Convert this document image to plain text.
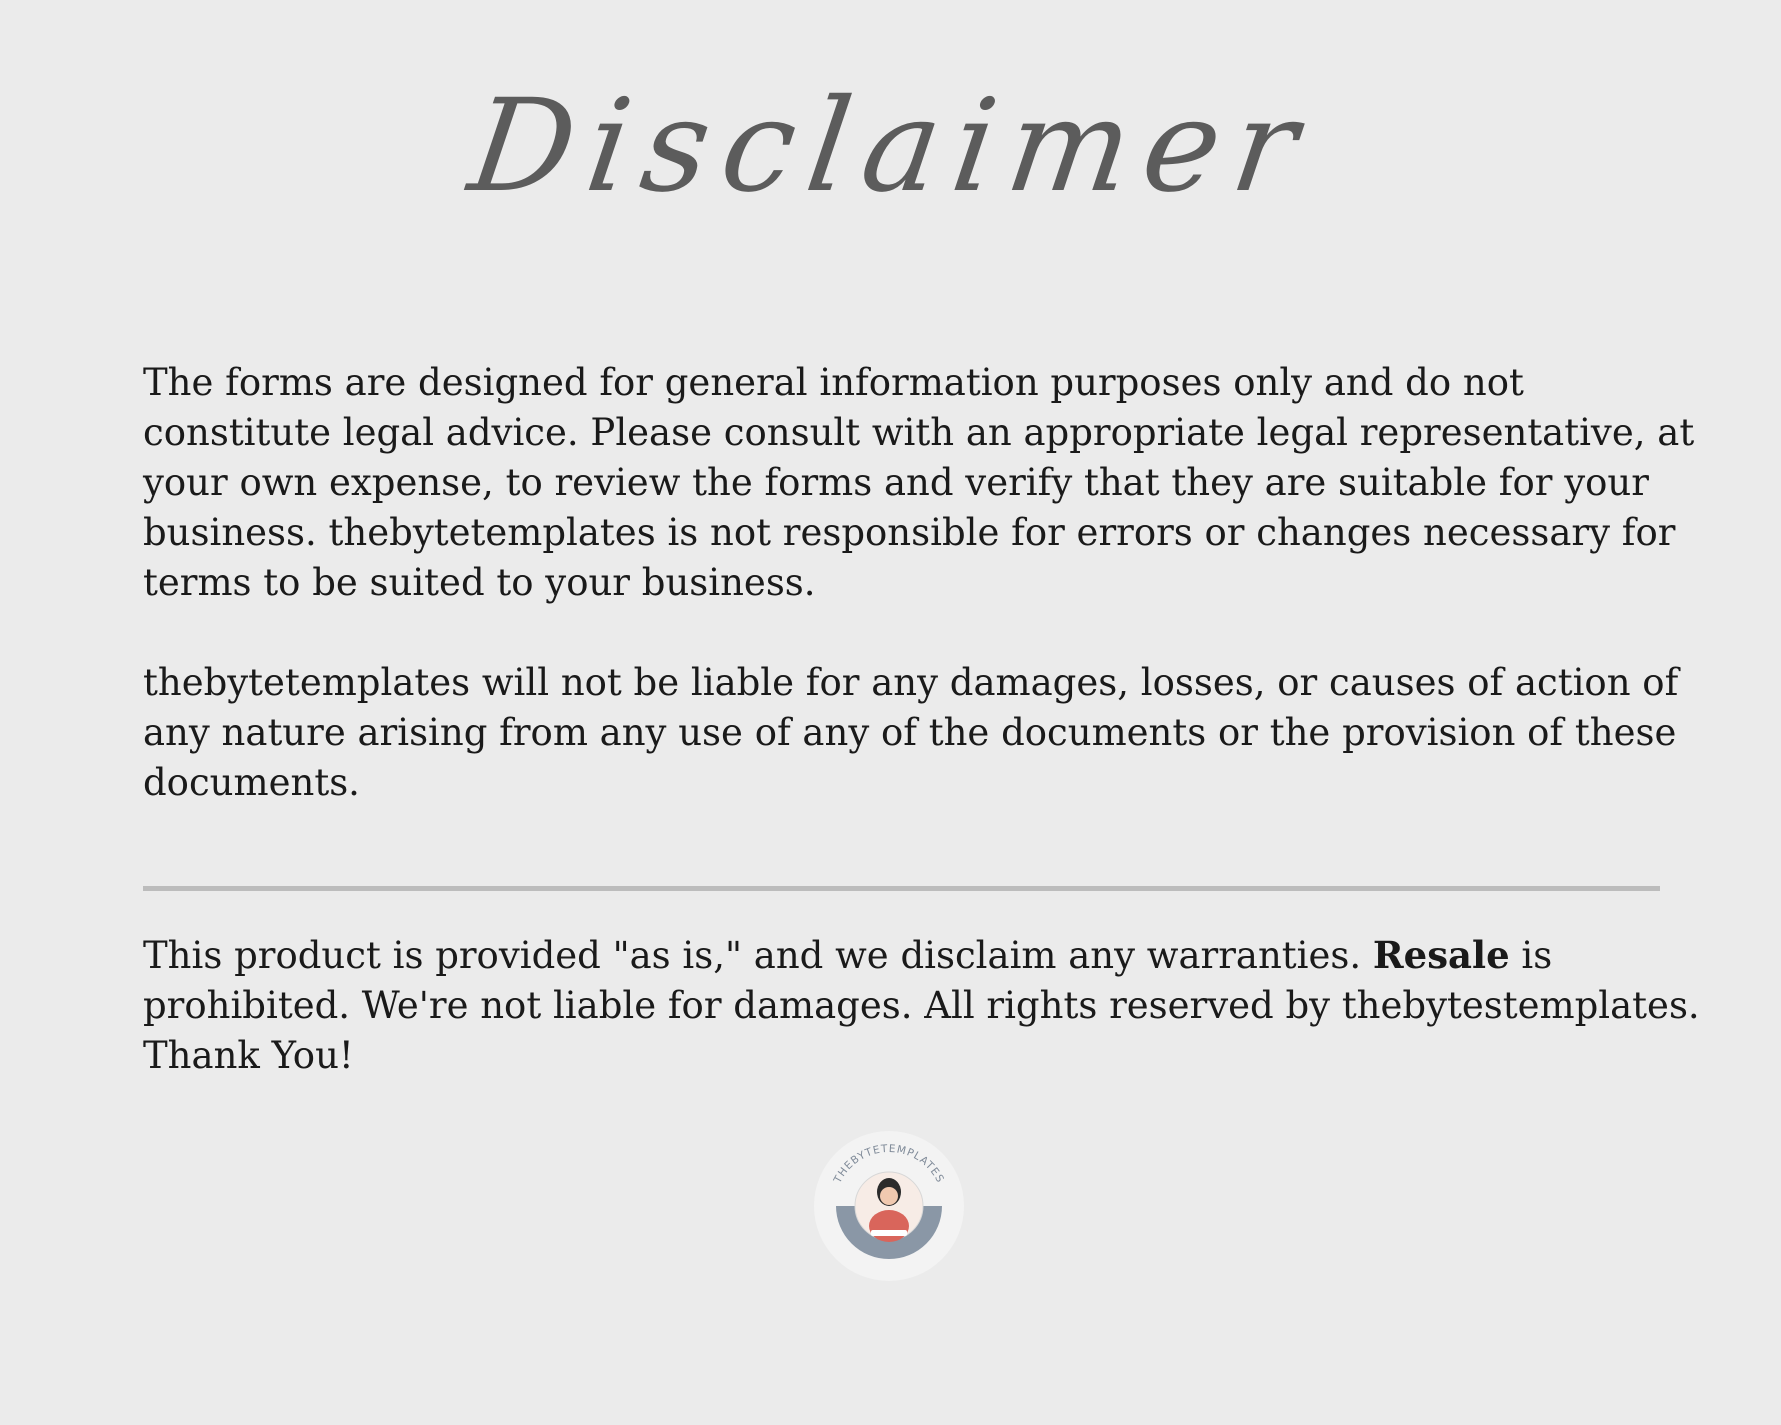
Disclaimer

The forms are designed for general information purposes only and do not constitute legal advice. Please consult with an appropriate legal representative, at your own expense, to review the forms and verify that they are suitable for your business. thebytetemplates is not responsible for errors or changes necessary for terms to be suited to your business.

thebytetemplates will not be liable for any damages, losses, or causes of action of any nature arising from any use of any of the documents or the provision of these documents.

This product is provided "as is," and we disclaim any warranties. Resale is prohibited. We're not liable for damages. All rights reserved by thebytestemplates. Thank You!

THEBYTETEMPLATES
